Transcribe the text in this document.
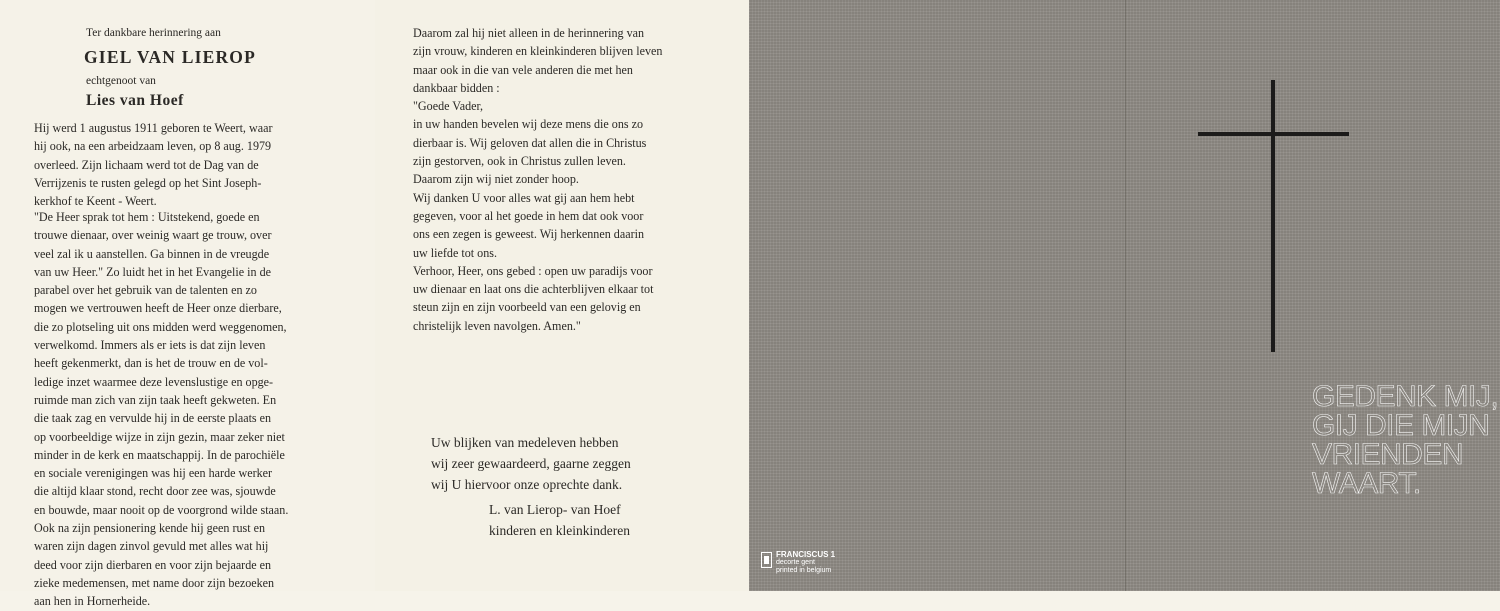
Ter dankbare herinnering aan
GIEL VAN LIEROP
echtgenoot van
Lies van Hoef
Hij werd 1 augustus 1911 geboren te Weert, waar
hij ook, na een arbeidzaam leven, op 8 aug. 1979
overleed. Zijn lichaam werd tot de Dag van de
Verrijzenis te rusten gelegd op het Sint Joseph-
kerkhof te Keent - Weert.
"De Heer sprak tot hem : Uitstekend, goede en
trouwe dienaar, over weinig waart ge trouw, over
veel zal ik u aanstellen. Ga binnen in de vreugde
van uw Heer." Zo luidt het in het Evangelie in de
parabel over het gebruik van de talenten en zo
mogen we vertrouwen heeft de Heer onze dierbare,
die zo plotseling uit ons midden werd weggenomen,
verwelkomd. Immers als er iets is dat zijn leven
heeft gekenmerkt, dan is het de trouw en de vol-
ledige inzet waarmee deze levenslustige en opge-
ruimde man zich van zijn taak heeft gekweten. En
die taak zag en vervulde hij in de eerste plaats en
op voorbeeldige wijze in zijn gezin, maar zeker niet
minder in de kerk en maatschappij. In de parochiële
en sociale verenigingen was hij een harde werker
die altijd klaar stond, recht door zee was, sjouwde
en bouwde, maar nooit op de voorgrond wilde staan.
Ook na zijn pensionering kende hij geen rust en
waren zijn dagen zinvol gevuld met alles wat hij
deed voor zijn dierbaren en voor zijn bejaarde en
zieke medemensen, met name door zijn bezoeken
aan hen in Hornerheide.
Daarom zal hij niet alleen in de herinnering van
zijn vrouw, kinderen en kleinkinderen blijven leven
maar ook in die van vele anderen die met hen
dankbaar bidden :
"Goede Vader,
in uw handen bevelen wij deze mens die ons zo
dierbaar is. Wij geloven dat allen die in Christus
zijn gestorven, ook in Christus zullen leven.
Daarom zijn wij niet zonder hoop.
Wij danken U voor alles wat gij aan hem hebt
gegeven, voor al het goede in hem dat ook voor
ons een zegen is geweest. Wij herkennen daarin
uw liefde tot ons.
Verhoor, Heer, ons gebed : open uw paradijs voor
uw dienaar en laat ons die achterblijven elkaar tot
steun zijn en zijn voorbeeld van een gelovig en
christelijk leven navolgen. Amen."
Uw blijken van medeleven hebben
wij zeer gewaardeerd, gaarne zeggen
wij U hiervoor onze oprechte dank.
L. van Lierop- van Hoef
kinderen en kleinkinderen
GEDENK MIJ,
GIJ DIE MIJN
VRIENDEN
WAART.
FRANCISCUS 1
decorte gent
printed in belgium
